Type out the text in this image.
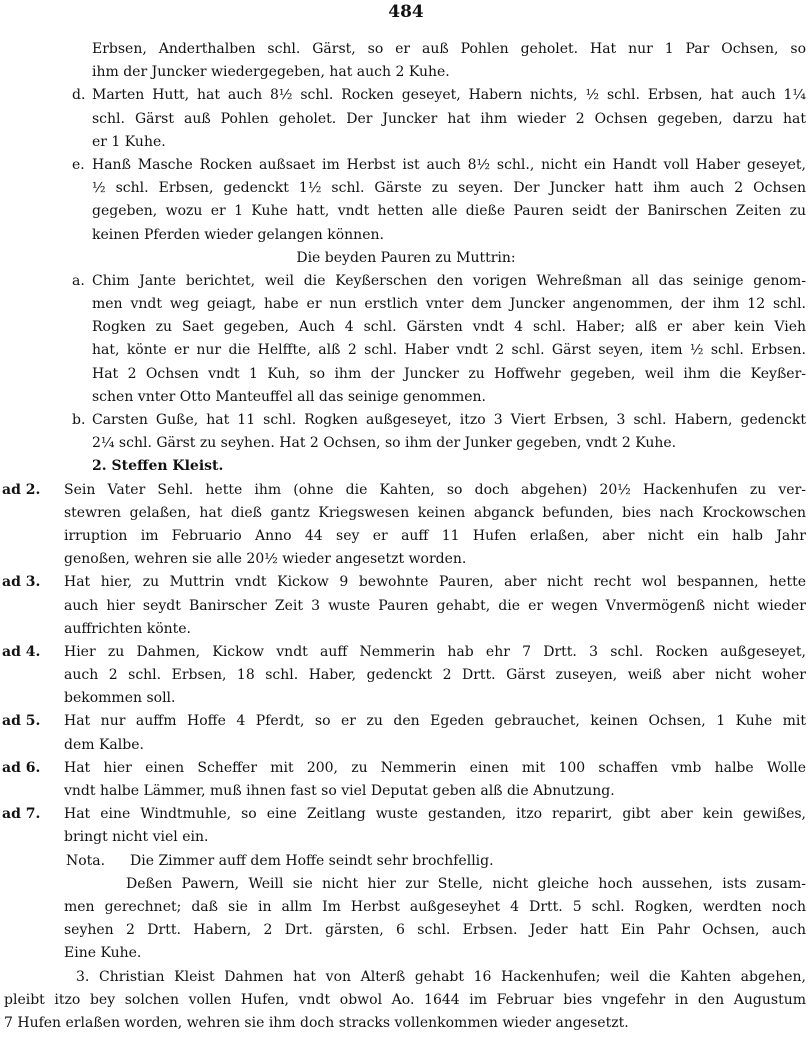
484
Erbsen, Anderthalben schl. Gärst, so er auß Pohlen geholet. Hat nur 1 Par Ochsen, so
ihm der Juncker wiedergegeben, hat auch 2 Kuhe.
d. Marten Hutt, hat auch 8½ schl. Rocken geseyet, Habern nichts, ½ schl. Erbsen, hat auch 1¼
schl. Gärst auß Pohlen geholet. Der Juncker hat ihm wieder 2 Ochsen gegeben, darzu hat
er 1 Kuhe.
e. Hanß Masche Rocken außsaet im Herbst ist auch 8½ schl., nicht ein Handt voll Haber geseyet,
½ schl. Erbsen, gedenckt 1½ schl. Gärste zu seyen. Der Juncker hatt ihm auch 2 Ochsen
gegeben, wozu er 1 Kuhe hatt, vndt hetten alle dieße Pauren seidt der Banirschen Zeiten zu
keinen Pferden wieder gelangen können.
Die beyden Pauren zu Muttrin:
a. Chim Jante berichtet, weil die Keyßerschen den vorigen Wehreßman all das seinige genom-
men vndt weg geiagt, habe er nun erstlich vnter dem Juncker angenommen, der ihm 12 schl.
Rogken zu Saet gegeben, Auch 4 schl. Gärsten vndt 4 schl. Haber; alß er aber kein Vieh
hat, könte er nur die Helffte, alß 2 schl. Haber vndt 2 schl. Gärst seyen, item ½ schl. Erbsen.
Hat 2 Ochsen vndt 1 Kuh, so ihm der Juncker zu Hoffwehr gegeben, weil ihm die Keyßer-
schen vnter Otto Manteuffel all das seinige genommen.
b. Carsten Guße, hat 11 schl. Rogken außgeseyet, itzo 3 Viert Erbsen, 3 schl. Habern, gedenckt
2¼ schl. Gärst zu seyhen. Hat 2 Ochsen, so ihm der Junker gegeben, vndt 2 Kuhe.
2. Steffen Kleist.
ad 2.	Sein Vater Sehl. hette ihm (ohne die Kahten, so doch abgehen) 20½ Hackenhufen zu ver-
stewren gelaßen, hat dieß gantz Kriegswesen keinen abganck befunden, bies nach Krockowschen
irruption im Februario Anno 44 sey er auff 11 Hufen erlaßen, aber nicht ein halb Jahr
genoßen, wehren sie alle 20½ wieder angesetzt worden.
ad 3.	Hat hier, zu Muttrin vndt Kickow 9 bewohnte Pauren, aber nicht recht wol bespannen, hette
auch hier seydt Banirscher Zeit 3 wuste Pauren gehabt, die er wegen Vnvermögenß nicht wieder
auffrichten könte.
ad 4.	Hier zu Dahmen, Kickow vndt auff Nemmerin hab ehr 7 Drtt. 3 schl. Rocken außgeseyet,
auch 2 schl. Erbsen, 18 schl. Haber, gedenckt 2 Drtt. Gärst zuseyen, weiß aber nicht woher
bekommen soll.
ad 5.	Hat nur auffm Hoffe 4 Pferdt, so er zu den Egeden gebrauchet, keinen Ochsen, 1 Kuhe mit
dem Kalbe.
ad 6.	Hat hier einen Scheffer mit 200, zu Nemmerin einen mit 100 schaffen vmb halbe Wolle
vndt halbe Lämmer, muß ihnen fast so viel Deputat geben alß die Abnutzung.
ad 7.	Hat eine Windtmuhle, so eine Zeitlang wuste gestanden, itzo reparirt, gibt aber kein gewißes,
bringt nicht viel ein.
Nota.	Die Zimmer auff dem Hoffe seindt sehr brochfellig.
Deßen Pawern, Weill sie nicht hier zur Stelle, nicht gleiche hoch aussehen, ists zusam-
men gerechnet; daß sie in allm Im Herbst außgeseyhet 4 Drtt. 5 schl. Rogken, werdten noch
seyhen 2 Drtt. Habern, 2 Drt. gärsten, 6 schl. Erbsen. Jeder hatt Ein Pahr Ochsen, auch
Eine Kuhe.
3. Christian Kleist Dahmen hat von Alterß gehabt 16 Hackenhufen; weil die Kahten abgehen,
pleibt itzo bey solchen vollen Hufen, vndt obwol Ao. 1644 im Februar bies vngefehr in den Augustum
7 Hufen erlaßen worden, wehren sie ihm doch stracks vollenkommen wieder angesetzt.
